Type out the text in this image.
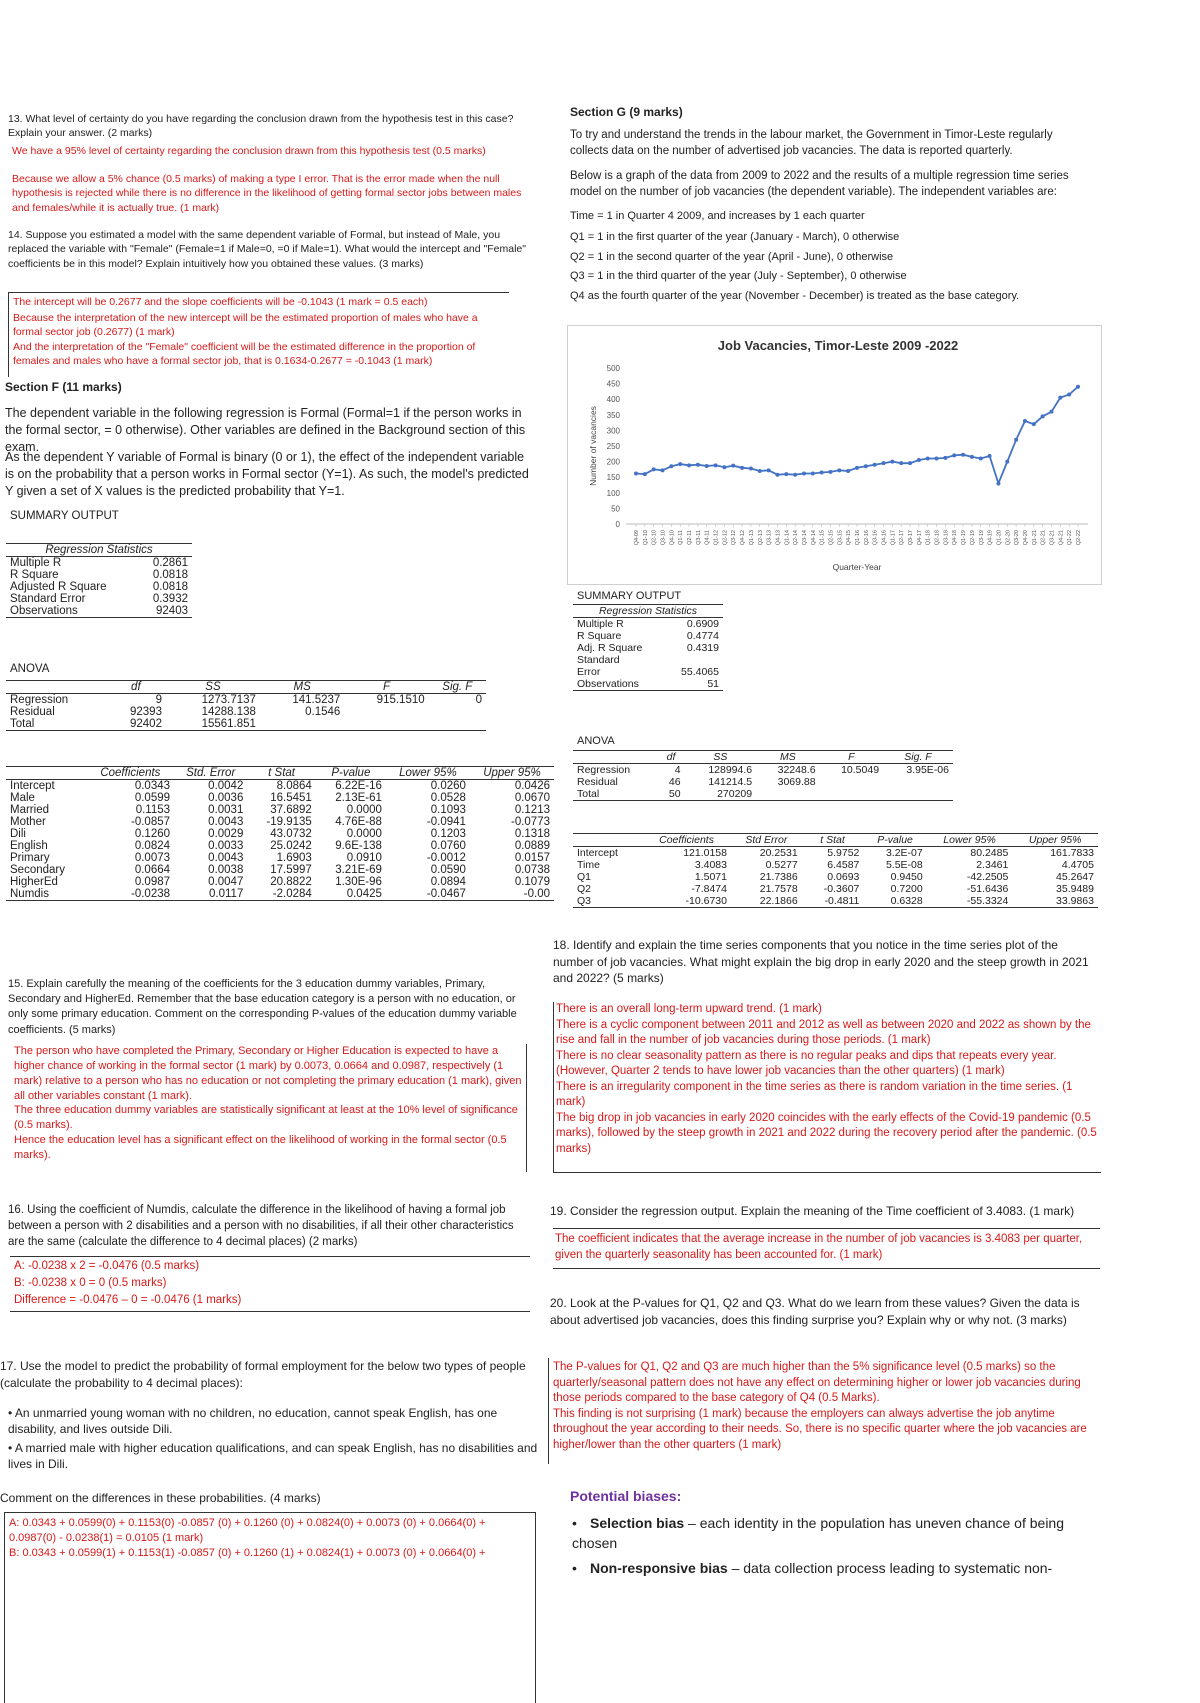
13. What level of certainty do you have regarding the conclusion drawn from the hypothesis test in this case? Explain your answer. (2 marks)
We have a 95% level of certainty regarding the conclusion drawn from this hypothesis test (0.5 marks)
Because we allow a 5% chance (0.5 marks) of making a type I error. That is the error made when the null hypothesis is rejected while there is no difference in the likelihood of getting formal sector jobs between males and females/while it is actually true. (1 mark)
14. Suppose you estimated a model with the same dependent variable of Formal, but instead of Male, you replaced the variable with "Female" (Female=1 if Male=0, =0 if Male=1). What would the intercept and "Female" coefficients be in this model? Explain intuitively how you obtained these values. (3 marks)
The intercept will be 0.2677 and the slope coefficients will be -0.1043 (1 mark = 0.5 each)
Because the interpretation of the new intercept will be the estimated proportion of males who have a formal sector job (0.2677) (1 mark)
And the interpretation of the "Female" coefficient will be the estimated difference in the proportion of females and males who have a formal sector job, that is 0.1634-0.2677 = -0.1043 (1 mark)
Section F (11 marks)
The dependent variable in the following regression is Formal (Formal=1 if the person works in the formal sector, = 0 otherwise). Other variables are defined in the Background section of this exam.
As the dependent Y variable of Formal is binary (0 or 1), the effect of the independent variable is on the probability that a person works in Formal sector (Y=1). As such, the model's predicted Y given a set of X values is the predicted probability that Y=1.
SUMMARY OUTPUT
Regression Statistics	
Multiple R	0.2861
R Square	0.0818
Adjusted R Square	0.0818
Standard Error	0.3932
Observations	92403
ANOVA
	df	SS	MS	F	Sig. F
Regression	9	1273.7137	141.5237	915.1510	0
Residual	92393	14288.138	0.1546		
Total	92402	15561.851			
	Coefficients	Std. Error	t Stat	P-value	Lower 95%	Upper 95%
Intercept	0.0343	0.0042	8.0864	6.22E-16	0.0260	0.0426
Male	0.0599	0.0036	16.5451	2.13E-61	0.0528	0.0670
Married	0.1153	0.0031	37.6892	0.0000	0.1093	0.1213
Mother	-0.0857	0.0043	-19.9135	4.76E-88	-0.0941	-0.0773
Dili	0.1260	0.0029	43.0732	0.0000	0.1203	0.1318
English	0.0824	0.0033	25.0242	9.6E-138	0.0760	0.0889
Primary	0.0073	0.0043	1.6903	0.0910	-0.0012	0.0157
Secondary	0.0664	0.0038	17.5997	3.21E-69	0.0590	0.0738
HigherEd	0.0987	0.0047	20.8822	1.30E-96	0.0894	0.1079
Numdis	-0.0238	0.0117	-2.0284	0.0425	-0.0467	-0.00
15. Explain carefully the meaning of the coefficients for the 3 education dummy variables, Primary, Secondary and HigherEd. Remember that the base education category is a person with no education, or only some primary education. Comment on the corresponding P-values of the education dummy variable coefficients. (5 marks)
The person who have completed the Primary, Secondary or Higher Education is expected to have a higher chance of working in the formal sector (1 mark) by 0.0073, 0.0664 and 0.0987, respectively (1 mark) relative to a person who has no education or not completing the primary education (1 mark), given all other variables constant (1 mark).
The three education dummy variables are statistically significant at least at the 10% level of significance (0.5 marks).
Hence the education level has a significant effect on the likelihood of working in the formal sector (0.5 marks).
16. Using the coefficient of Numdis, calculate the difference in the likelihood of having a formal job between a person with 2 disabilities and a person with no disabilities, if all their other characteristics are the same (calculate the difference to 4 decimal places) (2 marks)
A: -0.0238 x 2 = -0.0476 (0.5 marks)
B: -0.0238 x 0 = 0 (0.5 marks)
Difference = -0.0476 – 0 = -0.0476 (1 marks)
17. Use the model to predict the probability of formal employment for the below two types of people (calculate the probability to 4 decimal places):
• An unmarried young woman with no children, no education, cannot speak English, has one disability, and lives outside Dili.
• A married male with higher education qualifications, and can speak English, has no disabilities and lives in Dili.
Comment on the differences in these probabilities. (4 marks)
A: 0.0343 + 0.0599(0) + 0.1153(0) -0.0857 (0) + 0.1260 (0) + 0.0824(0) + 0.0073 (0) + 0.0664(0) + 0.0987(0) - 0.0238(1) = 0.0105 (1 mark)
B: 0.0343 + 0.0599(1) + 0.1153(1) -0.0857 (0) + 0.1260 (1) + 0.0824(1) + 0.0073 (0) + 0.0664(0) +
Section G (9 marks)
To try and understand the trends in the labour market, the Government in Timor-Leste regularly collects data on the number of advertised job vacancies. The data is reported quarterly.
Below is a graph of the data from 2009 to 2022 and the results of a multiple regression time series model on the number of job vacancies (the dependent variable). The independent variables are:
Time = 1 in Quarter 4 2009, and increases by 1 each quarter
Q1 = 1 in the first quarter of the year (January - March), 0 otherwise
Q2 = 1 in the second quarter of the year (April - June), 0 otherwise
Q3 = 1 in the third quarter of the year (July - September), 0 otherwise
Q4 as the fourth quarter of the year (November - December) is treated as the base category.
Job Vacancies, Timor-Leste 2009 -2022
0
50
100
150
200
250
300
350
400
450
500
Number of vacancies
Q4-09 Q1-10 Q2-10 Q3-10 Q4-10 Q1-11 Q2-11 Q3-11 Q4-11 Q1-12 Q2-12 Q3-12 Q4-12 Q1-13 Q2-13 Q3-13 Q4-13 Q1-14 Q2-14 Q3-14 Q4-14 Q1-15 Q2-15 Q3-15 Q4-15 Q1-16 Q2-16 Q3-16 Q4-16 Q1-17 Q2-17 Q3-17 Q4-17 Q1-18 Q2-18 Q3-18 Q4-18 Q1-19 Q2-19 Q3-19 Q4-19 Q1-20 Q2-20 Q3-20 Q4-20 Q1-21 Q2-21 Q3-21 Q4-21 Q1-22 Q2-22
Quarter-Year
SUMMARY OUTPUT
Regression Statistics	
Multiple R	0.6909
R Square	0.4774
Adj. R Square	0.4319
Standard	
Error	55.4065
Observations	51
ANOVA
	df	SS	MS	F	Sig. F
Regression	4	128994.6	32248.6	10.5049	3.95E-06
Residual	46	141214.5	3069.88		
Total	50	270209			
	Coefficients	Std Error	t Stat	P-value	Lower 95%	Upper 95%
Intercept	121.0158	20.2531	5.9752	3.2E-07	80.2485	161.7833
Time	3.4083	0.5277	6.4587	5.5E-08	2.3461	4.4705
Q1	1.5071	21.7386	0.0693	0.9450	-42.2505	45.2647
Q2	-7.8474	21.7578	-0.3607	0.7200	-51.6436	35.9489
Q3	-10.6730	22.1866	-0.4811	0.6328	-55.3324	33.9863
18. Identify and explain the time series components that you notice in the time series plot of the number of job vacancies. What might explain the big drop in early 2020 and the steep growth in 2021 and 2022? (5 marks)
There is an overall long-term upward trend. (1 mark)
There is a cyclic component between 2011 and 2012 as well as between 2020 and 2022 as shown by the rise and fall in the number of job vacancies during those periods. (1 mark)
There is no clear seasonality pattern as there is no regular peaks and dips that repeats every year. (However, Quarter 2 tends to have lower job vacancies than the other quarters) (1 mark)
There is an irregularity component in the time series as there is random variation in the time series. (1 mark)
The big drop in job vacancies in early 2020 coincides with the early effects of the Covid-19 pandemic (0.5 marks), followed by the steep growth in 2021 and 2022 during the recovery period after the pandemic. (0.5 marks)
19. Consider the regression output. Explain the meaning of the Time coefficient of 3.4083. (1 mark)
The coefficient indicates that the average increase in the number of job vacancies is 3.4083 per quarter, given the quarterly seasonality has been accounted for. (1 mark)
20. Look at the P-values for Q1, Q2 and Q3. What do we learn from these values? Given the data is about advertised job vacancies, does this finding surprise you? Explain why or why not. (3 marks)
The P-values for Q1, Q2 and Q3 are much higher than the 5% significance level (0.5 marks) so the quarterly/seasonal pattern does not have any effect on determining higher or lower job vacancies during those periods compared to the base category of Q4 (0.5 Marks).
This finding is not surprising (1 mark) because the employers can always advertise the job anytime throughout the year according to their needs. So, there is no specific quarter where the job vacancies are higher/lower than the other quarters (1 mark)
Potential biases:
• Selection bias – each identity in the population has uneven chance of being chosen
• Non-responsive bias – data collection process leading to systematic non-
